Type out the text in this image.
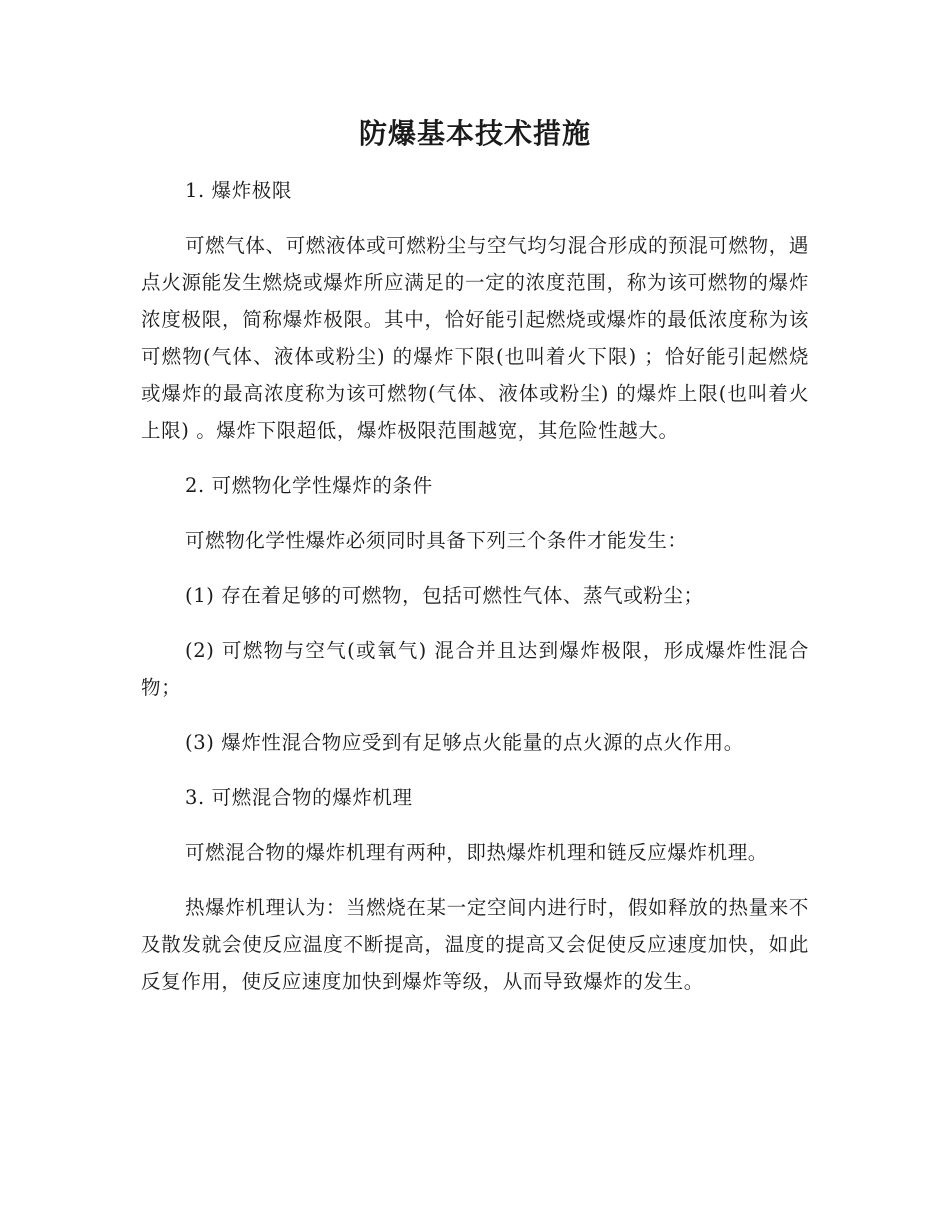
防爆基本技术措施

1. 爆炸极限

可燃气体、可燃液体或可燃粉尘与空气均匀混合形成的预混可燃物，遇点火源能发生燃烧或爆炸所应满足的一定的浓度范围，称为该可燃物的爆炸浓度极限，简称爆炸极限。其中，恰好能引起燃烧或爆炸的最低浓度称为该可燃物(气体、液体或粉尘) 的爆炸下限(也叫着火下限) ；恰好能引起燃烧或爆炸的最高浓度称为该可燃物(气体、液体或粉尘) 的爆炸上限(也叫着火上限) 。爆炸下限超低，爆炸极限范围越宽，其危险性越大。

2. 可燃物化学性爆炸的条件

可燃物化学性爆炸必须同时具备下列三个条件才能发生：

(1) 存在着足够的可燃物，包括可燃性气体、蒸气或粉尘；

(2) 可燃物与空气(或氧气) 混合并且达到爆炸极限，形成爆炸性混合物；

(3) 爆炸性混合物应受到有足够点火能量的点火源的点火作用。

3. 可燃混合物的爆炸机理

可燃混合物的爆炸机理有两种，即热爆炸机理和链反应爆炸机理。

热爆炸机理认为：当燃烧在某一定空间内进行时，假如释放的热量来不及散发就会使反应温度不断提高，温度的提高又会促使反应速度加快，如此反复作用，使反应速度加快到爆炸等级，从而导致爆炸的发生。
